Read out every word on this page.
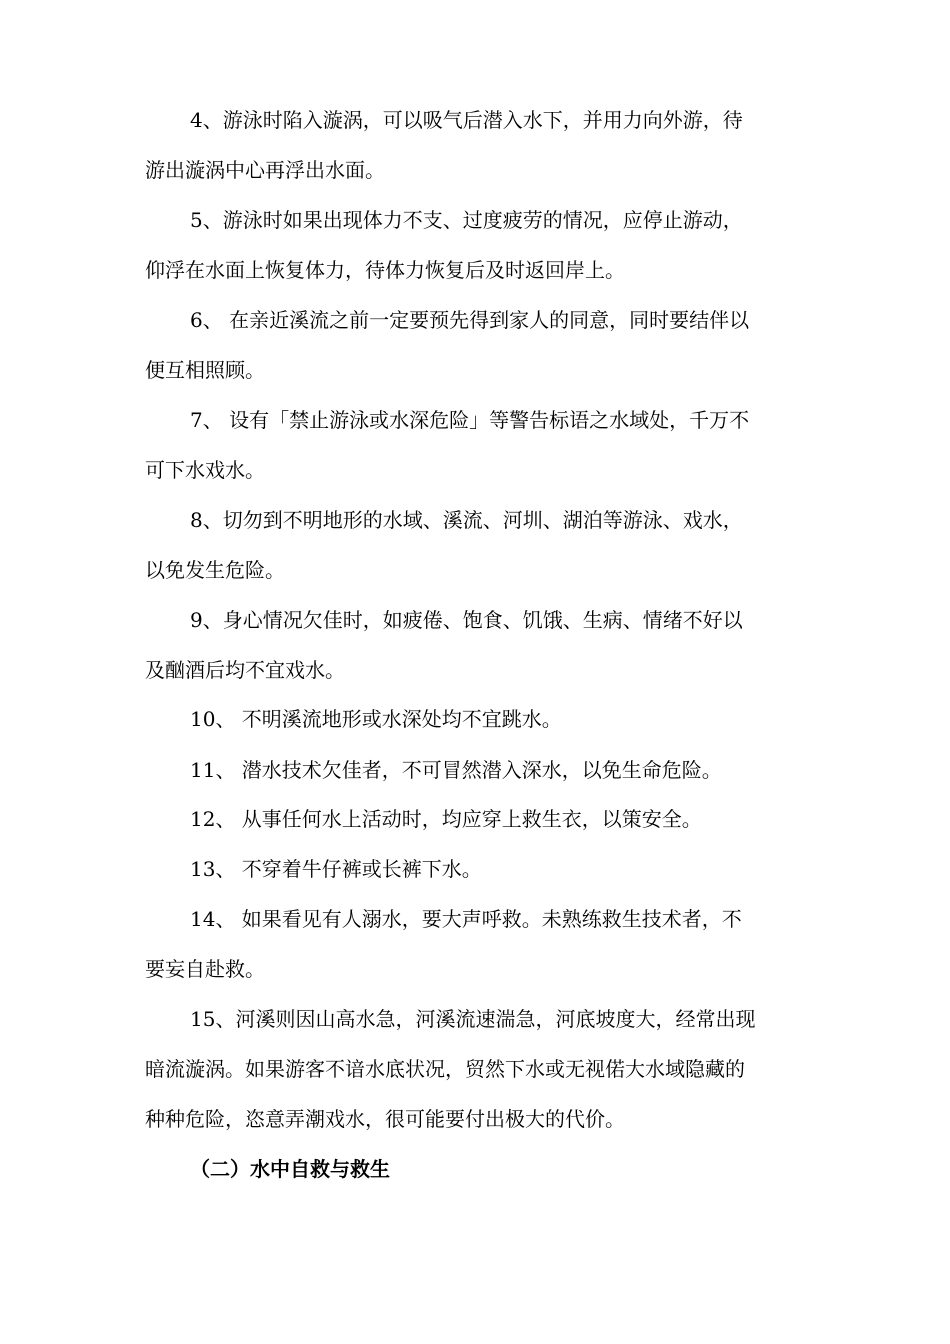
4、游泳时陷入漩涡，可以吸气后潜入水下，并用力向外游，待
游出漩涡中心再浮出水面。
5、游泳时如果出现体力不支、过度疲劳的情况，应停止游动，
仰浮在水面上恢复体力，待体力恢复后及时返回岸上。
6、 在亲近溪流之前一定要预先得到家人的同意，同时要结伴以
便互相照顾。
7、 设有「禁止游泳或水深危险」等警告标语之水域处，千万不
可下水戏水。
8、切勿到不明地形的水域、溪流、河圳、湖泊等游泳、戏水，
以免发生危险。
9、身心情况欠佳时，如疲倦、饱食、饥饿、生病、情绪不好以
及酗酒后均不宜戏水。
10、 不明溪流地形或水深处均不宜跳水。
11、 潜水技术欠佳者，不可冒然潜入深水，以免生命危险。
12、 从事任何水上活动时，均应穿上救生衣，以策安全。
13、 不穿着牛仔裤或长裤下水。
14、 如果看见有人溺水，要大声呼救。未熟练救生技术者，不
要妄自赴救。
15、河溪则因山高水急，河溪流速湍急，河底坡度大，经常出现
暗流漩涡。如果游客不谙水底状况，贸然下水或无视偌大水域隐藏的
种种危险，恣意弄潮戏水，很可能要付出极大的代价。
（二）水中自救与救生
